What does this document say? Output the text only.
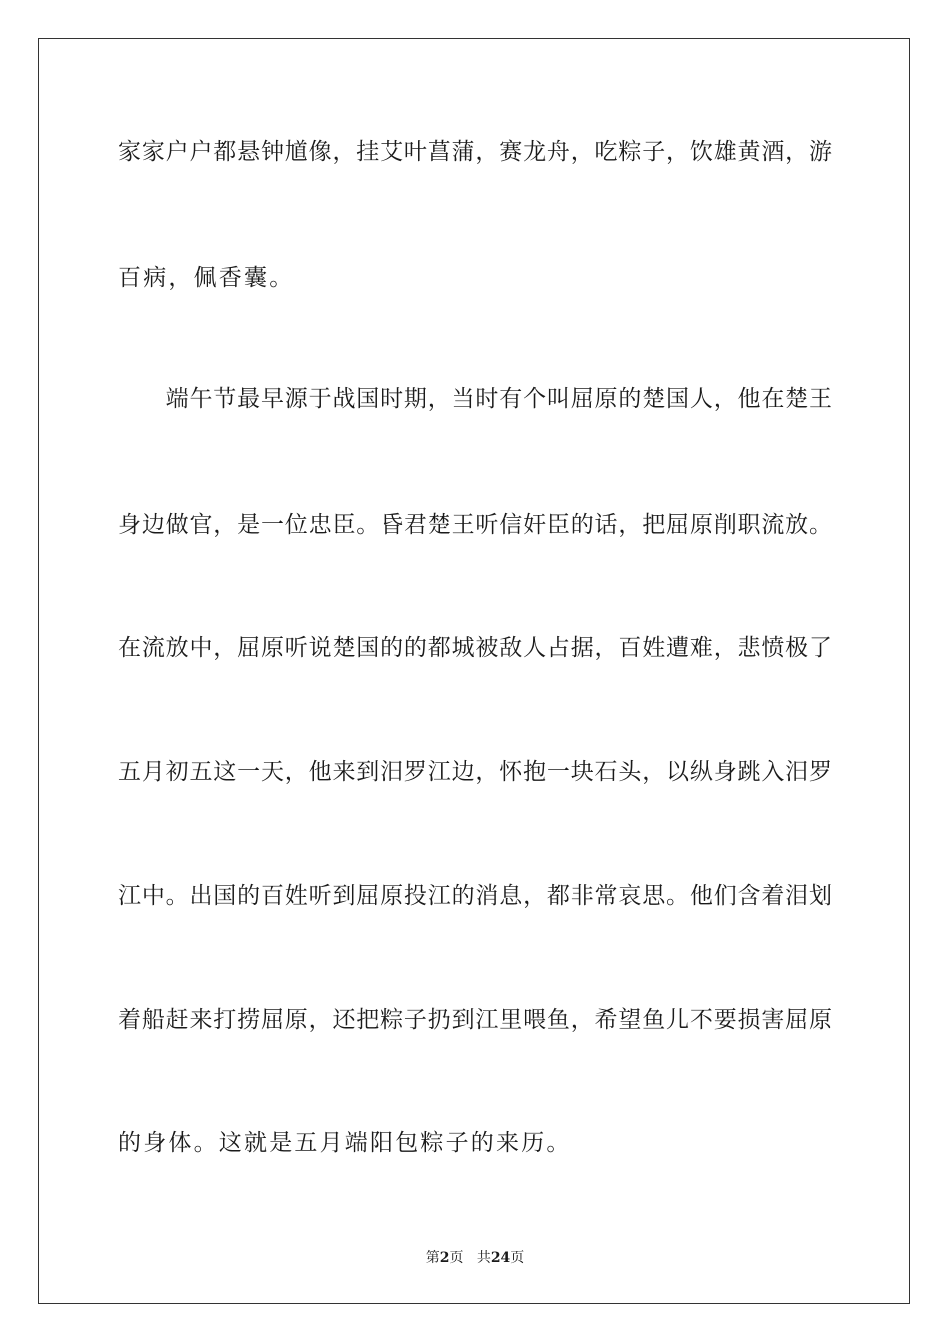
家家户户都悬钟馗像，挂艾叶菖蒲，赛龙舟，吃粽子，饮雄黄酒，游
百病，佩香囊。
　　端午节最早源于战国时期，当时有个叫屈原的楚国人，他在楚王
身边做官，是一位忠臣。昏君楚王听信奸臣的话，把屈原削职流放。
在流放中，屈原听说楚国的的都城被敌人占据，百姓遭难，悲愤极了
五月初五这一天，他来到汨罗江边，怀抱一块石头，以纵身跳入汨罗
江中。出国的百姓听到屈原投江的消息，都非常哀思。他们含着泪划
着船赶来打捞屈原，还把粽子扔到江里喂鱼，希望鱼儿不要损害屈原
的身体。这就是五月端阳包粽子的来历。
第2页 共24页
